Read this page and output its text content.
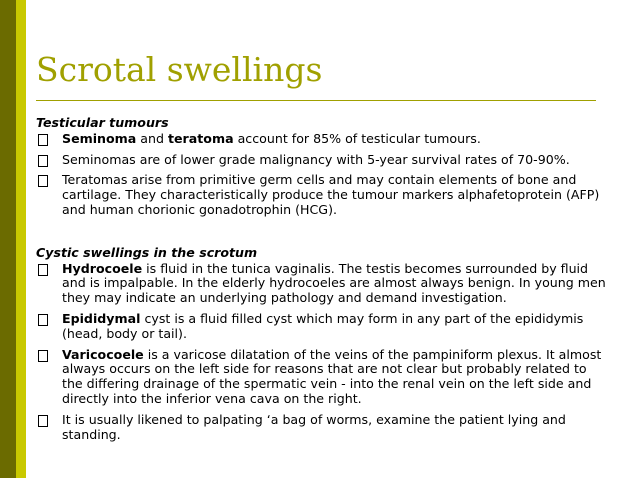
Scrotal swellings

Testicular tumours

Seminoma and teratoma account for 85% of testicular tumours.
Seminomas are of lower grade malignancy with 5-year survival rates of 70-90%.
Teratomas arise from primitive germ cells and may contain elements of bone and cartilage. They characteristically produce the tumour markers alphafetoprotein (AFP) and human chorionic gonadotrophin (HCG).

Cystic swellings in the scrotum

Hydrocoele is fluid in the tunica vaginalis. The testis becomes surrounded by fluid and is impalpable. In the elderly hydrocoeles are almost always benign. In young men they may indicate an underlying pathology and demand investigation.
Epididymal cyst is a fluid filled cyst which may form in any part of the epididymis (head, body or tail).
Varicocoele is a varicose dilatation of the veins of the pampiniform plexus. It almost always occurs on the left side for reasons that are not clear but probably related to the differing drainage of the spermatic vein - into the renal vein on the left side and directly into the inferior vena cava on the right.
It is usually likened to palpating ‘a bag of worms, examine the patient lying and standing.
